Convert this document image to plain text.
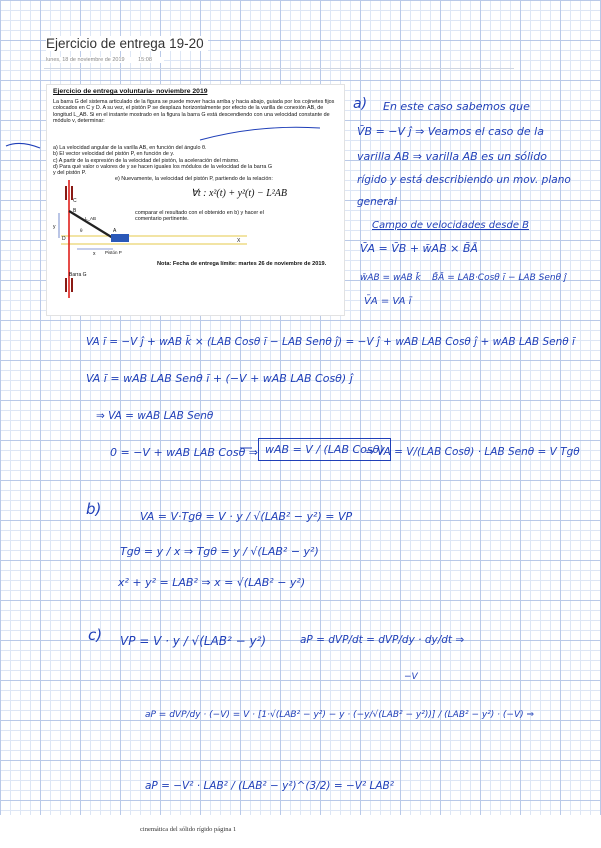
Ejercicio de entrega 19-20
lunes, 18 de noviembre de 2019 15:08
Ejercicio de entrega voluntaria- noviembre 2019
La barra G del sistema articulado de la figura se puede mover hacia arriba y hacia abajo, guiada por los cojinetes fijos colocados en C y D. A su vez, el pistón P se desplaza horizontalmente por efecto de la varilla de conexión AB, de longitud L_AB. Si en el instante mostrado en la figura la barra G está descendiendo con una velocidad constante de módulo v, determinar:
a) La velocidad angular de la varilla AB, en función del ángulo θ.
b) El vector velocidad del pistón P, en función de y.
c) A partir de la expresión de la velocidad del pistón, la aceleración del mismo.
d) Para qué valor o valores de y se hacen iguales los módulos de la velocidad de la barra G
y del pistón P.
e) Nuevamente, la velocidad del pistón P, partiendo de la relación:
∀t : x²(t) + y²(t) − L²AB
comparar el resultado con el obtenido en b) y hacer el comentario pertinente.
Nota: Fecha de entrega límite: martes 26 de noviembre de 2019.
C
B
D
A
y
x
X
L_AB
θ
Pistón P
Barra G
a) En este caso sabemos que
V̄B = −V ĵ ⇒ Veamos el caso de la
varilla AB ⇒ varilla AB es un sólido
rígido y está describiendo un mov. plano
general
Campo de velocidades desde B
V̄A = V̄B + w̄AB × B̄Ā
w̄AB = wAB k̄ B̄Ā = LAB·Cosθ ī − LAB Senθ ĵ
V̄A = VA ī
VA ī = −V ĵ + wAB k̄ × (LAB Cosθ ī − LAB Senθ ĵ) = −V ĵ + wAB LAB Cosθ ĵ + wAB LAB Senθ ī
VA ī = wAB LAB Senθ ī + (−V + wAB LAB Cosθ) ĵ
⇒ VA = wAB LAB Senθ
0 = −V + wAB LAB Cosθ ⇒ wAB = V / (LAB Cosθ)
⇒ VA = V/(LAB Cosθ) · LAB Senθ = V Tgθ
b)	VA = V·Tgθ = V · y / √(LAB² − y²) = VP
Tgθ = y / x ⇒ Tgθ = y / √(LAB² − y²)
x² + y² = LAB² ⇒ x = √(LAB² − y²)
c) VP = V · y / √(LAB² − y²)	aP = dVP/dt = dVP/dy · dy/dt ⇒
−V
aP = dVP/dy · (−V) = V · [1·√(LAB² − y²) − y · (−y/√(LAB² − y²))] / (LAB² − y²) · (−V) ⇒
aP = −V² · LAB² / (LAB² − y²)^(3/2) = −V² LAB²
cinemática del sólido rígido página 1
